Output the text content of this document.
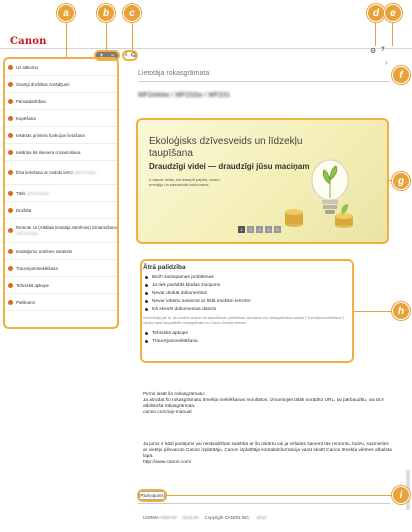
Canon
+ − ≡	⚙ ?
›
Uz sākumu
Svarīgi drošības norādījumi
Pamatdarbības
Kopēšana
Iekārtas printera funkcijas lietošana
Iekārtas kā skenera izmantošana
Ērta lietošana ar mobilo ierīci (MF244dw)
Tīkls (MF244dw)
Drošība
Remote UI (Attālais lietotāja interfeiss) izmantošana (MF244dw)
Iestatījumu izvēlnes saraksts
Traucējummeklēšana
Tehniskā apkope
Pielikums
Lietotāja rokasgrāmata
MF244dw / MF232w / MF231
Ekoloģisks dzīvesveids un līdzekļu taupīšana
Draudzīgi videi — draudzīgi jūsu maciņam
Ir daudz veidu, kā ietaupīt papīru, toneri, enerģiju un samazināt izdevumus.
1	2	3	4	5
Ātrā palīdzība
Biežī sastopamas problēmas
Ja tiek parādīts kļūdas ziņojums
Nevar drukāt dokumentus
Nevar iekārtu savienot ar tīklā esošām ierīcēm
Kā skenēt dokumentus datorā
Informācija par to, kā novērst drukas vai skenēšanas problēmas, atrodama šīs rokasgrāmatas sadaļā ("Traucējummeklēšana"), vai jūs varat lejupielādēt rokasgrāmatu no Canon tīmekļa vietnes.
Tehniskā apkope
Traucējummeklēšana
Pirms lasāt šo rokasgrāmatu:
Ja atrodat šo rokasgrāmatu tīmekļa meklēšanas rezultātos, izmantojiet tālāk norādīto URL, lai pārbaudītu, vai tā ir atbilstošā rokasgrāmata.
canon.com/oip-manual
Ja jums ir kādi jautājumi vai neskaidrības saistībā ar šo iekārtu vai ja vēlaties saņemt tās remontu, lūdzu, sazinieties ar vietējo pilnvaroto Canon izplatītāju. Canon izplatītāja kontaktinformācija varat skatīt Canon tīmekļa vietnes atbalsta lapā.
http://www.canon.com/
Paziņojums
USRMA-0000-00 2016-00 Copyright CANON INC. 2016
a	b	c	d	e
f
g
h
i
